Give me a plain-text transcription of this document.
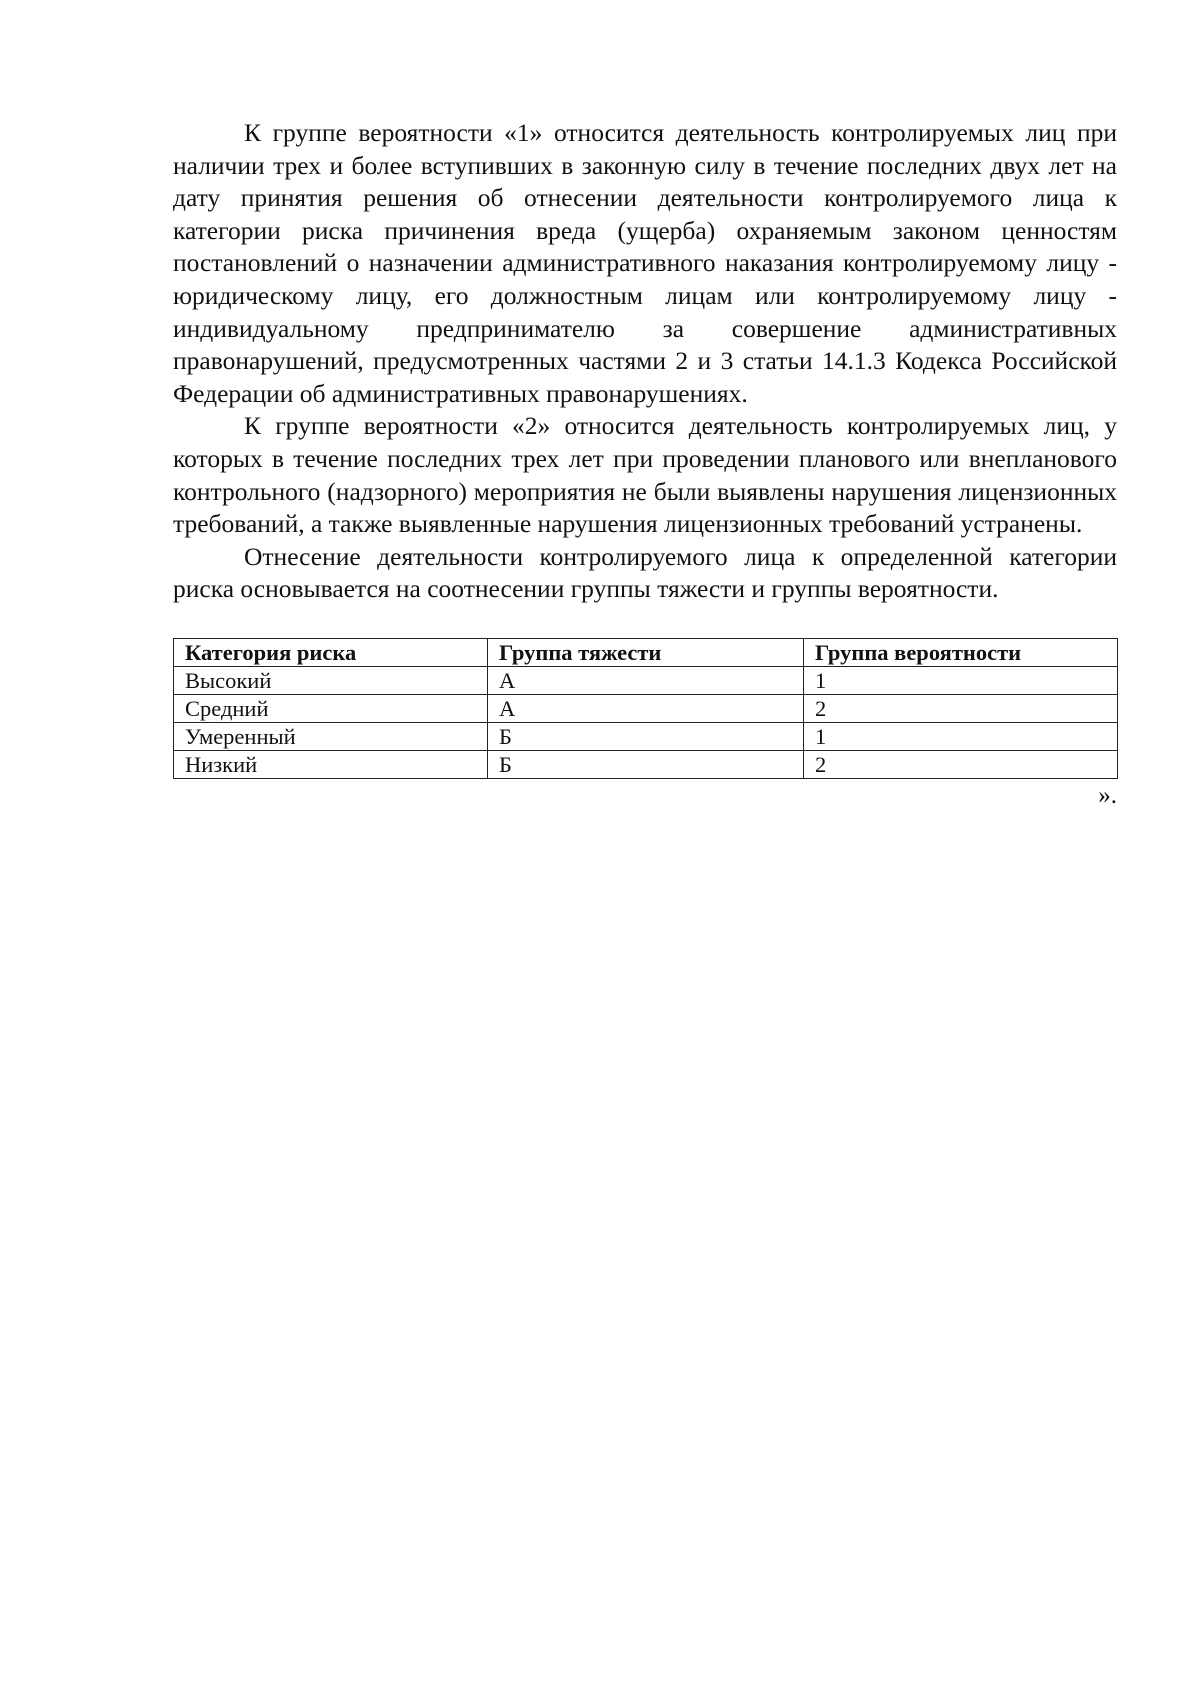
К группе вероятности «1» относится деятельность контролируемых лиц при наличии трех и более вступивших в законную силу в течение последних двух лет на дату принятия решения об отнесении деятельности контролируемого лица к категории риска причинения вреда (ущерба) охраняемым законом ценностям постановлений о назначении административного наказания контролируемому лицу - юридическому лицу, его должностным лицам или контролируемому лицу - индивидуальному предпринимателю за совершение административных правонарушений, предусмотренных частями 2 и 3 статьи 14.1.3 Кодекса Российской Федерации об административных правонарушениях.

К группе вероятности «2» относится деятельность контролируемых лиц, у которых в течение последних трех лет при проведении планового или внепланового контрольного (надзорного) мероприятия не были выявлены нарушения лицензионных требований, а также выявленные нарушения лицензионных требований устранены.

Отнесение деятельности контролируемого лица к определенной категории риска основывается на соотнесении группы тяжести и группы вероятности.

Категория риска	Группа тяжести	Группа вероятности
Высокий	А	1
Средний	А	2
Умеренный	Б	1
Низкий	Б	2
».
